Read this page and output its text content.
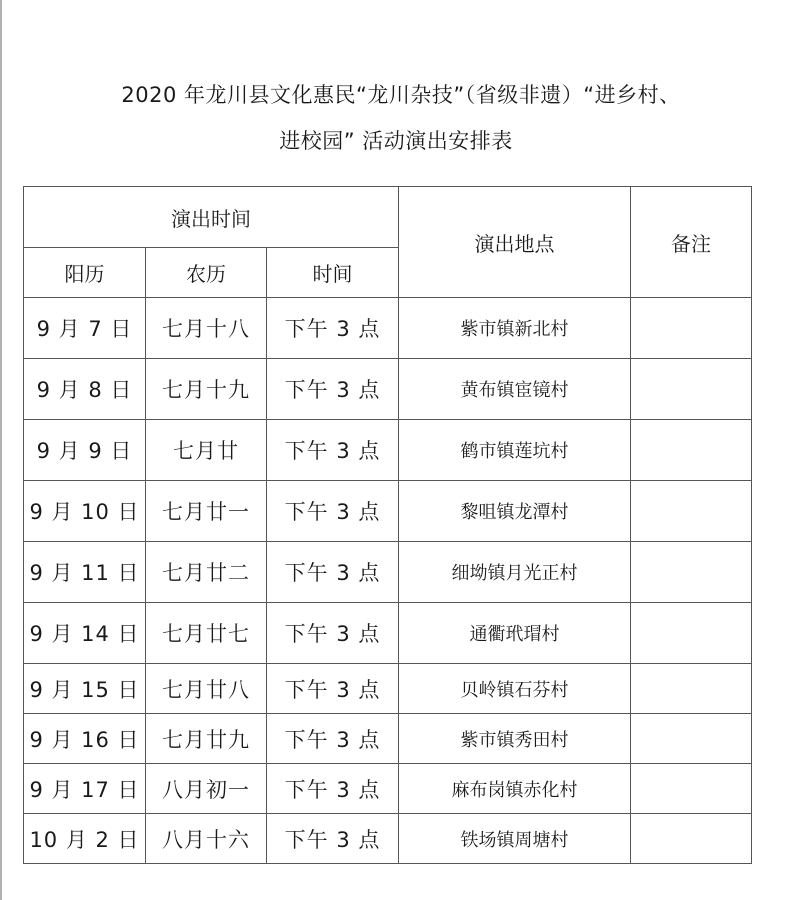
2020 年龙川县文化惠民“龙川杂技”（省级非遗）“进乡村、
进校园” 活动演出安排表
演出时间			演出地点	备注
阳历	农历	时间		
9 月 7 日	七月十八	下午 3 点	紫市镇新北村	
9 月 8 日	七月十九	下午 3 点	黄布镇宦镜村	
9 月 9 日	七月廿	下午 3 点	鹤市镇莲坑村	
9 月 10 日	七月廿一	下午 3 点	黎咀镇龙潭村	
9 月 11 日	七月廿二	下午 3 点	细坳镇月光正村	
9 月 14 日	七月廿七	下午 3 点	通衢玳瑁村	
9 月 15 日	七月廿八	下午 3 点	贝岭镇石芬村	
9 月 16 日	七月廿九	下午 3 点	紫市镇秀田村	
9 月 17 日	八月初一	下午 3 点	麻布岗镇赤化村	
10 月 2 日	八月十六	下午 3 点	铁场镇周塘村	
